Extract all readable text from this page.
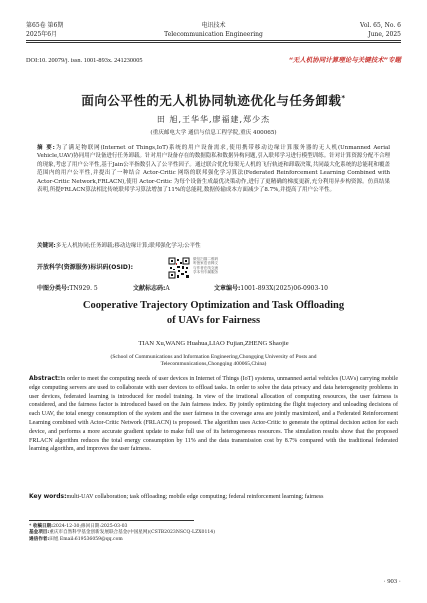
第65卷 第6期	电讯技术	Vol. 65, No. 6
2025年6月	Telecommunication Engineering	June, 2025
DOI:10. 20079/j. issn. 1001-893x. 241230005	“无人机协同计算理论与关键技术”专题
面向公平性的无人机协同轨迹优化与任务卸载*
田 旭,王华华,廖福建,郑少杰
(重庆邮电大学 通信与信息工程学院,重庆 400065)
摘 要:为了满足物联网(Internet of Things,IoT)系统的用户设备需求,使用携带移动边缘计算服务器的无人机(Unmanned Aerial Vehicle,UAV)协同用户设备进行任务卸载。针对用户设备存在的数据隐私和数据异构问题,引入联邦学习进行模型训练。针对计算资源分配不合理的现象,考虑了用户公平性,基于Jain公平指数引入了公平性因子。通过联合优化每架无人机的飞行轨迹和卸载决策,共同最大化系统的总能耗和覆盖范围内的用户公平性,并提出了一种结合 Actor-Critic 网络的联邦强化学习算法(Federated Reinforcement Learning Combined with Actor-Critic Network,FRLACN),使用 Actor-Critic 为每个设备生成最优决策动作,进行了更精确的梯度更新,充分利用异步构资源。仿真结果表明,所提FRLACN算法相比传统联邦学习算法增加了11%的总能耗,数据传输成本方面减少了8.7%,并提高了用户公平性。
关键词:多无人机协同;任务卸载;移动边缘计算;联邦强化学习;公平性
开放科学(资源服务)标识码(OSID):
微信扫描二维码
听独家语音释文
与作者在线交流
享本刊专属服务
中图分类号:TN929. 5	文献标志码:A	文章编号:1001-893X(2025)06-0903-10
Cooperative Trajectory Optimization and Task Offloading
of UAVs for Fairness
TIAN Xu,WANG Huahua,LIAO Fujian,ZHENG Shaojie
(School of Communications and Information Engineering,Chongqing University of Posts and
Telecommunications,Chongqing 400065,China)
Abstract:In order to meet the computing needs of user devices in Internet of Things (IoT) systems, unmanned aerial vehicles (UAVs) carrying mobile edge computing servers are used to collaborate with user devices to offload tasks. In order to solve the data privacy and data heterogeneity problems in user devices, federated learning is introduced for model training. In view of the irrational allocation of computing resources, the user fairness is considered, and the fairness factor is introduced based on the Jain fairness index. By jointly optimizing the flight trajectory and unloading decisions of each UAV, the total energy consumption of the system and the user fairness in the coverage area are jointly maximized, and a Federated Reinforcement Learning combined with Actor-Critic Network (FRLACN) is proposed. The algorithm uses Actor-Critic to generate the optimal decision action for each device, and performs a more accurate gradient update to make full use of its heterogeneous resources. The simulation results show that the proposed FRLACN algorithm reduces the total energy consumption by 11% and the data transmission cost by 8.7% compared with the traditional federated learning algorithm, and improves the user fairness.
Key words:multi-UAV collaboration; task offloading; mobile edge computing; federal reinforcement learning; fairness
* 收稿日期:2024-12-30;修回日期:2025-03-03
基金项目:重庆市自然科学基金创新发展联合基金(中国星网)(CSTB2023NSCQ-LZX0114)
通信作者:田旭 Email:619536059@qq.com
· 903 ·
